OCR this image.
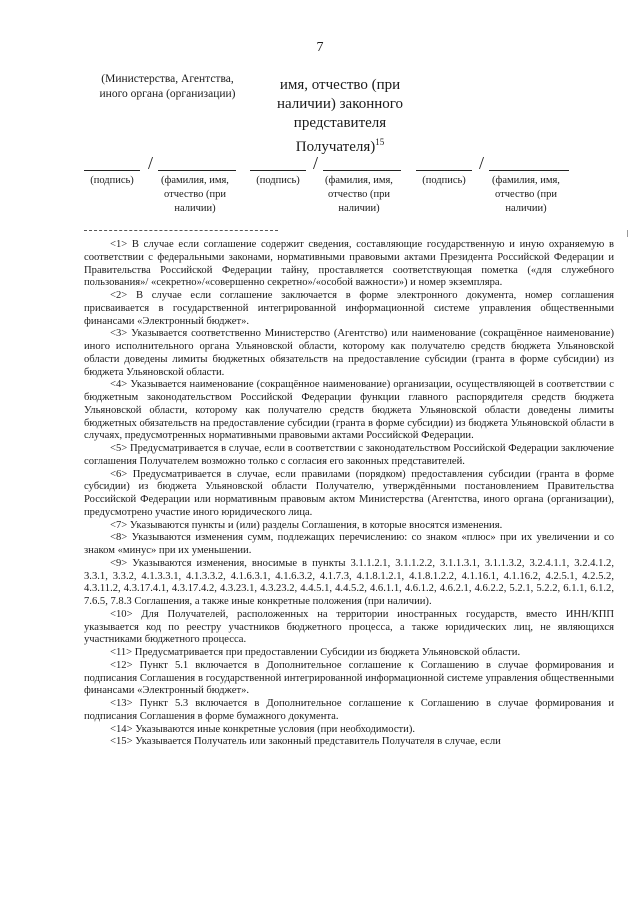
7
(Министерства, Агентства,
иного органа (организации)
имя, отчество (при
наличии) законного
представителя
Получателя)$^{15}$
/
(подпись)	(фамилия, имя,
отчество (при
наличии)
/
(подпись)	(фамилия, имя,
отчество (при
наличии)
/
(подпись)	(фамилия, имя,
отчество (при
наличии)

<1> В случае если соглашение содержит сведения, составляющие государственную и иную охраняемую в соответствии с федеральными законами, нормативными правовыми актами Президента Российской Федерации и Правительства Российской Федерации тайну, проставляется соответствующая пометка («для служебного пользования»/ «секретно»/«совершенно секретно»/«особой важности») и номер экземпляра.

<2> В случае если соглашение заключается в форме электронного документа, номер соглашения присваивается в государственной интегрированной информационной системе управления общественными финансами «Электронный бюджет».

<3> Указывается соответственно Министерство (Агентство) или наименование (сокращённое наименование) иного исполнительного органа Ульяновской области, которому как получателю средств бюджета Ульяновской области доведены лимиты бюджетных обязательств на предоставление субсидии (гранта в форме субсидии) из бюджета Ульяновской области.

<4> Указывается наименование (сокращённое наименование) организации, осуществляющей в соответствии с бюджетным законодательством Российской Федерации функции главного распорядителя средств бюджета Ульяновской области, которому как получателю средств бюджета Ульяновской области доведены лимиты бюджетных обязательств на предоставление субсидии (гранта в форме субсидии) из бюджета Ульяновской области в случаях, предусмотренных нормативными правовыми актами Российской Федерации.

<5> Предусматривается в случае, если в соответствии с законодательством Российской Федерации заключение соглашения Получателем возможно только с согласия его законных представителей.

<6> Предусматривается в случае, если правилами (порядком) предоставления субсидии (гранта в форме субсидии) из бюджета Ульяновской области Получателю, утверждёнными постановлением Правительства Российской Федерации или нормативным правовым актом Министерства (Агентства, иного органа (организации), предусмотрено участие иного юридического лица.

<7> Указываются пункты и (или) разделы Соглашения, в которые вносятся изменения.

<8> Указываются изменения сумм, подлежащих перечислению: со знаком «плюс» при их увеличении и со знаком «минус» при их уменьшении.

<9> Указываются изменения, вносимые в пункты 3.1.1.2.1, 3.1.1.2.2, 3.1.1.3.1, 3.1.1.3.2, 3.2.4.1.1, 3.2.4.1.2, 3.3.1, 3.3.2, 4.1.3.3.1, 4.1.3.3.2, 4.1.6.3.1, 4.1.6.3.2, 4.1.7.3, 4.1.8.1.2.1, 4.1.8.1.2.2, 4.1.16.1, 4.1.16.2, 4.2.5.1, 4.2.5.2, 4.3.11.2, 4.3.17.4.1, 4.3.17.4.2, 4.3.23.1, 4.3.23.2, 4.4.5.1, 4.4.5.2, 4.6.1.1, 4.6.1.2, 4.6.2.1, 4.6.2.2, 5.2.1, 5.2.2, 6.1.1, 6.1.2, 7.6.5, 7.8.3 Соглашения, а также иные конкретные положения (при наличии).

<10> Для Получателей, расположенных на территории иностранных государств, вместо ИНН/КПП указывается код по реестру участников бюджетного процесса, а также юридических лиц, не являющихся участниками бюджетного процесса.

<11> Предусматривается при предоставлении Субсидии из бюджета Ульяновской области.

<12> Пункт 5.1 включается в Дополнительное соглашение к Соглашению в случае формирования и подписания Соглашения в государственной интегрированной информационной системе управления общественными финансами «Электронный бюджет».

<13> Пункт 5.3 включается в Дополнительное соглашение к Соглашению в случае формирования и подписания Соглашения в форме бумажного документа.

<14> Указываются иные конкретные условия (при необходимости).

<15> Указывается Получатель или законный представитель Получателя в случае, если
